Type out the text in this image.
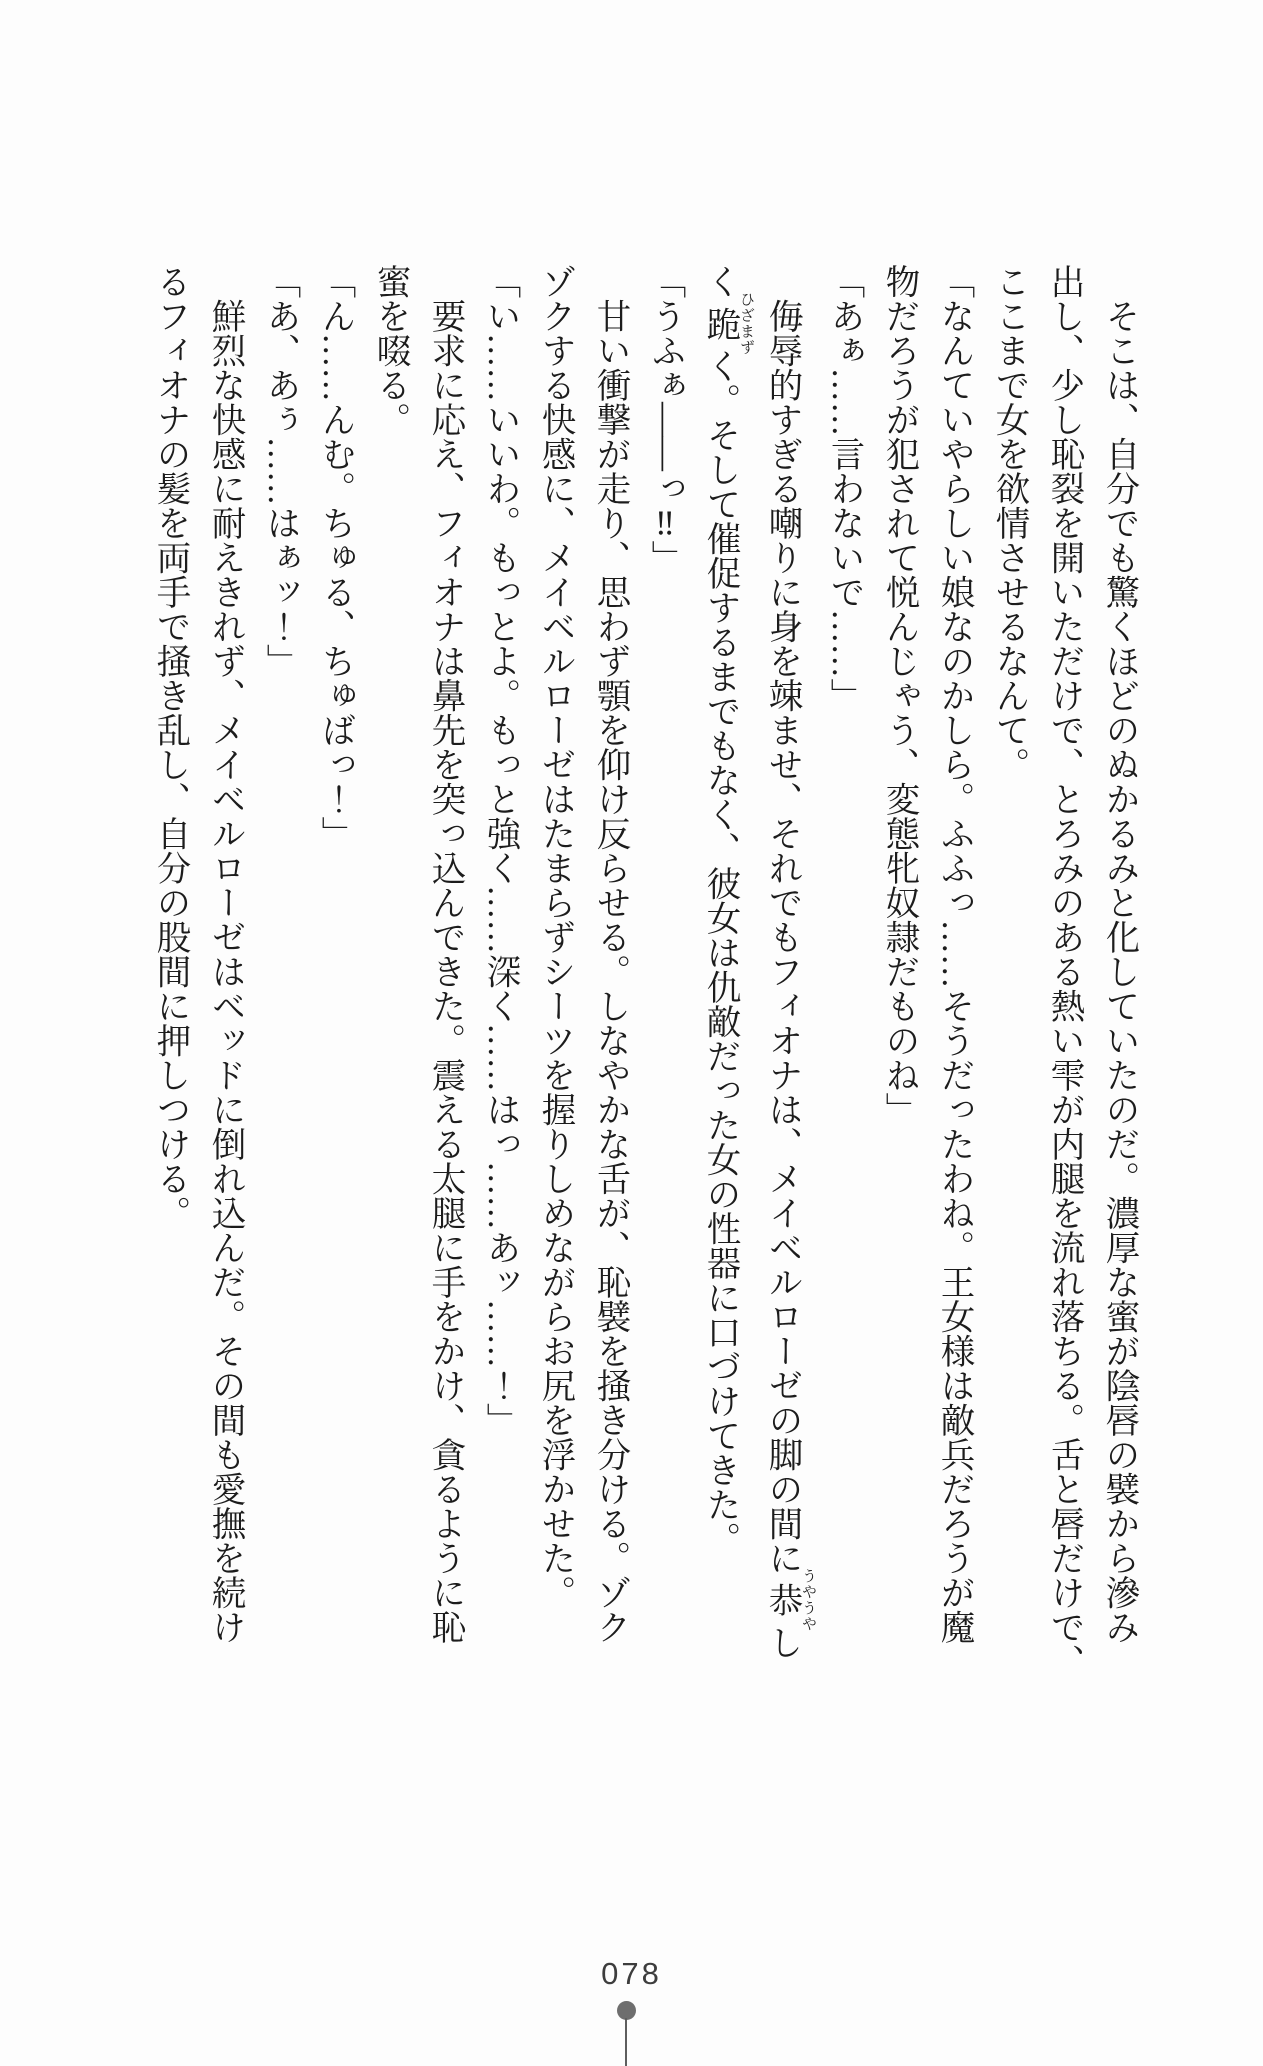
　そこは、自分でも驚くほどのぬかるみと化していたのだ。濃厚な蜜が陰唇の襞から滲み
出し、少し恥裂を開いただけで、とろみのある熱い雫が内腿を流れ落ちる。舌と唇だけで、
ここまで女を欲情させるなんて。
「なんていやらしい娘なのかしら。ふふっ……そうだったわね。王女様は敵兵だろうが魔
物だろうが犯されて悦んじゃう、変態牝奴隷だものね」
「あぁ……言わないで……」
　侮辱的すぎる嘲りに身を竦ませ、それでもフィオナは、メイベルローゼの脚の間に恭 うやうやし
く跪 ひざまずく。そして催促するまでもなく、彼女は仇敵だった女の性器に口づけてきた。
「うふぁ――っ‼」
　甘い衝撃が走り、思わず顎を仰け反らせる。しなやかな舌が、恥襞を掻き分ける。ゾク
ゾクする快感に、メイベルローゼはたまらずシーツを握りしめながらお尻を浮かせた。
「い……いいわ。もっとよ。もっと強く……深く……はっ……あッ……！」
　要求に応え、フィオナは鼻先を突っ込んできた。震える太腿に手をかけ、貪るように恥
蜜を啜る。
「ん……んむ。ちゅる、ちゅばっ！」
「あ、あぅ……はぁッ！」
　鮮烈な快感に耐えきれず、メイベルローゼはベッドに倒れ込んだ。その間も愛撫を続け
るフィオナの髪を両手で掻き乱し、自分の股間に押しつける。
078
